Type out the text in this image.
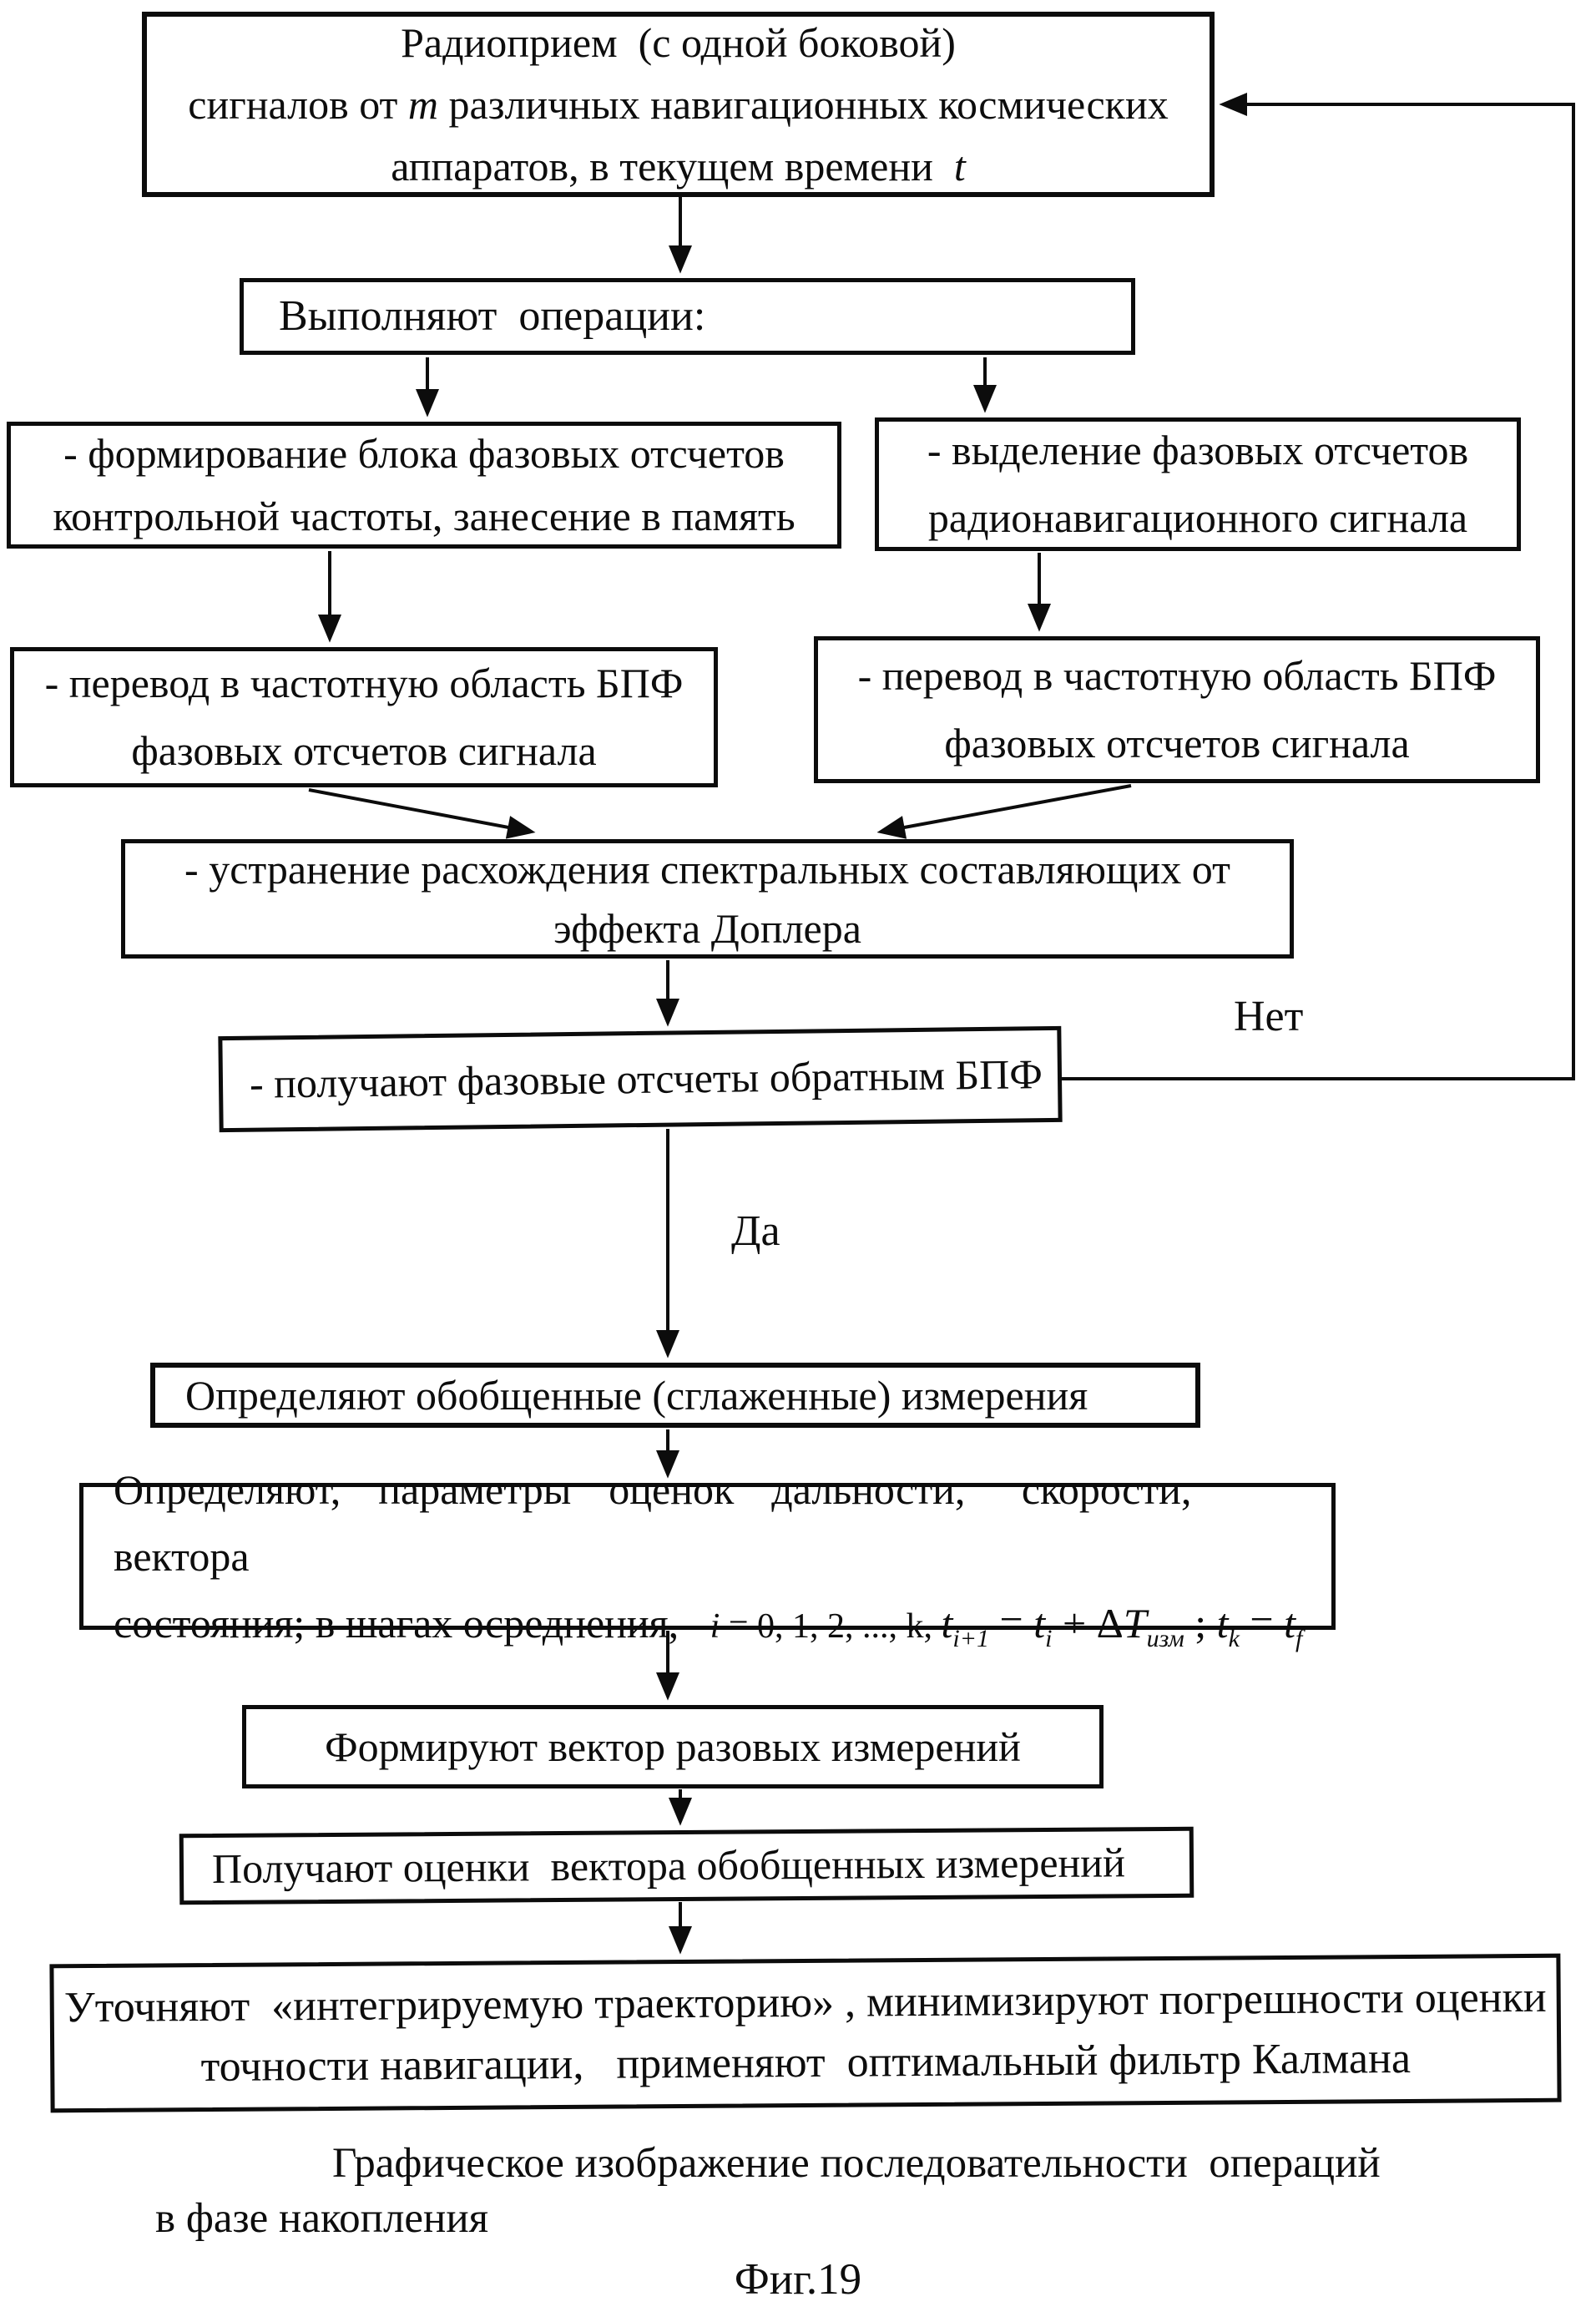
Радиоприем  (с одной боковой)
сигналов от m различных навигационных космических
аппаратов, в текущем времени  t
Выполняют  операции:
- формирование блока фазовых отсчетов
контрольной частоты, занесение в память
- выделение фазовых отсчетов
радионавигационного сигнала
- перевод в частотную область БПФ
фазовых отсчетов сигнала
- перевод в частотную область БПФ
фазовых отсчетов сигнала
- устранение расхождения спектральных составляющих от
эффекта Доплера
- получают фазовые отсчеты обратным БПФ
Нет
Да
Определяют обобщенные (сглаженные) измерения
Определяют,  параметры  оценок  дальности,   скорости,   вектора
состояния; в шагах осреднения,   i = 0, 1, 2, ..., k, $t_{i+1} = t_i + \Delta T_{изм}$ ; $t_k = t_f$
Формируют вектор разовых измерений
Получают оценки  вектора обобщенных измерений
Уточняют  «интегрируемую траекторию» , минимизируют погрешности оценки
точности навигации,   применяют  оптимальный фильтр Калмана
Графическое изображение последовательности  операций
в фазе накопления
Фиг.19
